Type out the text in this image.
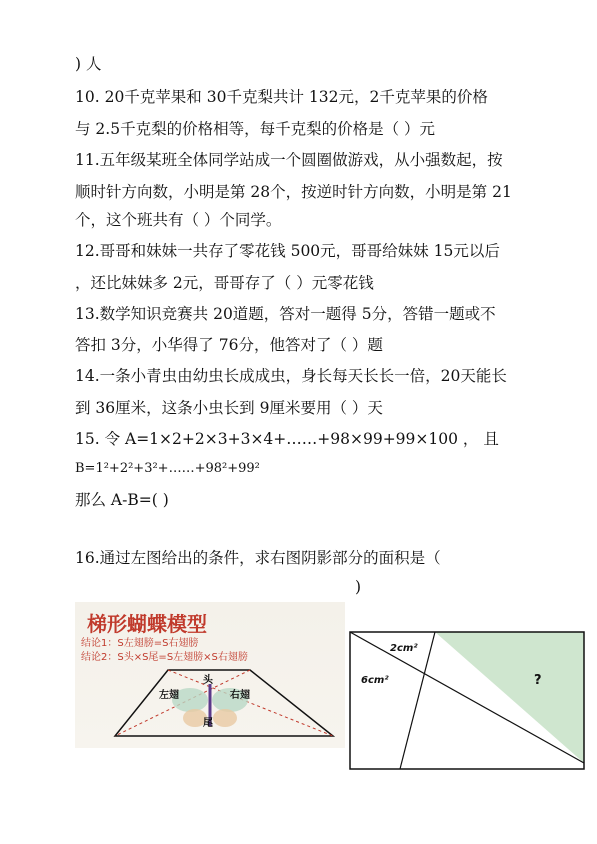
) 人
10. 20千克苹果和 30千克梨共计 132元，2千克苹果的价格
与 2.5千克梨的价格相等，每千克梨的价格是（ ）元
11.五年级某班全体同学站成一个圆圈做游戏，从小强数起，按
顺时针方向数，小明是第 28个，按逆时针方向数，小明是第 21
个，这个班共有（ ）个同学。
12.哥哥和妹妹一共存了零花钱 500元，哥哥给妹妹 15元以后
，还比妹妹多 2元，哥哥存了（ ）元零花钱
13.数学知识竞赛共 20道题，答对一题得 5分，答错一题或不
答扣 3分，小华得了 76分，他答对了（ ）题
14.一条小青虫由幼虫长成成虫，身长每天长长一倍，20天能长
到 36厘米，这条小虫长到 9厘米要用（ ）天
15. 令 A=1×2+2×3+3×4+……+98×99+99×100 ， 且
B=1²+2²+3²+……+98²+99²
那么 A-B=( )
16.通过左图给出的条件，求右图阴影部分的面积是（
)
梯形蝴蝶模型
结论1：S左翅膀=S右翅膀
结论2：S头×S尾=S左翅膀×S右翅膀
头
左翅	右翅
尾
2cm²
6cm²	?
